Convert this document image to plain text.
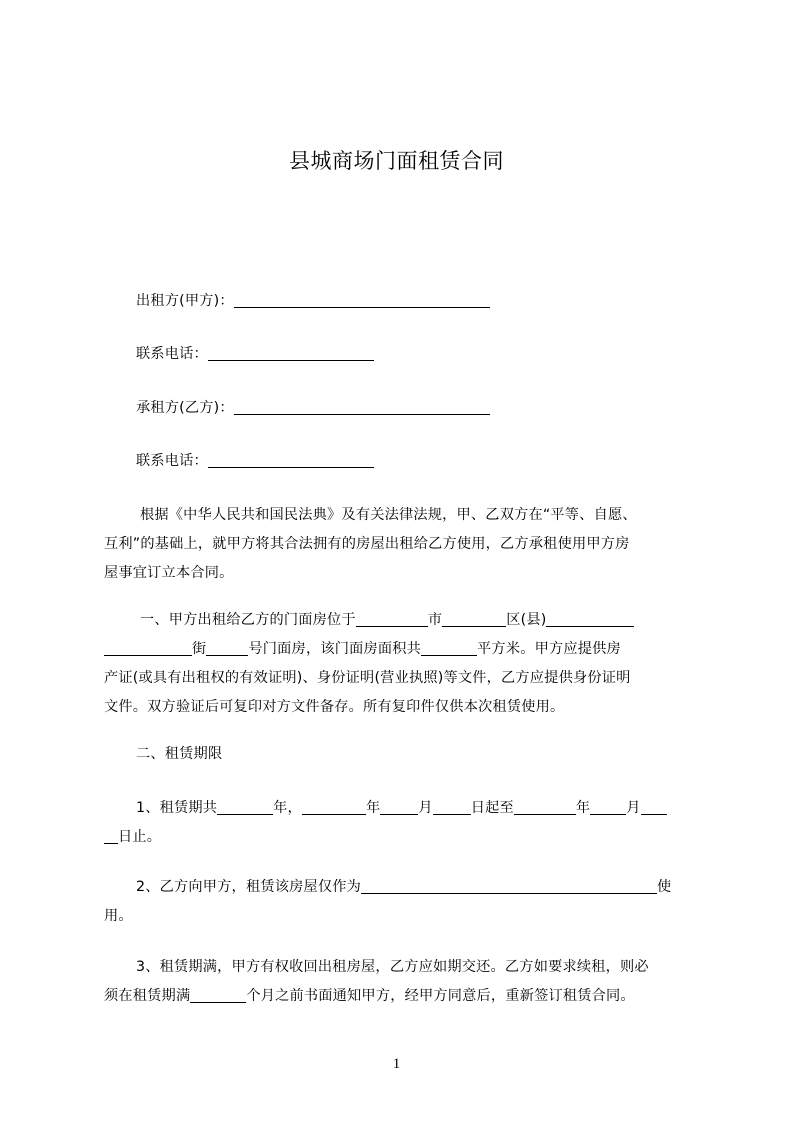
县城商场门面租赁合同
出租方(甲方)：
联系电话：
承租方(乙方)：
联系电话：
根据《中华人民共和国民法典》及有关法律法规，甲、乙双方在“平等、自愿、
互利”的基础上，就甲方将其合法拥有的房屋出租给乙方使用，乙方承租使用甲方房
屋事宜订立本合同。
一、甲方出租给乙方的门面房位于	市	区(县)
街	号门面房，该门面房面积共	平方米。甲方应提供房
产证(或具有出租权的有效证明)、身份证明(营业执照)等文件，乙方应提供身份证明
文件。双方验证后可复印对方文件备存。所有复印件仅供本次租赁使用。
二、租赁期限
1、租赁期共	年，	年	月	日起至	年	月
日止。
2、乙方向甲方，租赁该房屋仅作为	使
用。
3、租赁期满，甲方有权收回出租房屋，乙方应如期交还。乙方如要求续租，则必
须在租赁期满	个月之前书面通知甲方，经甲方同意后，重新签订租赁合同。
1
